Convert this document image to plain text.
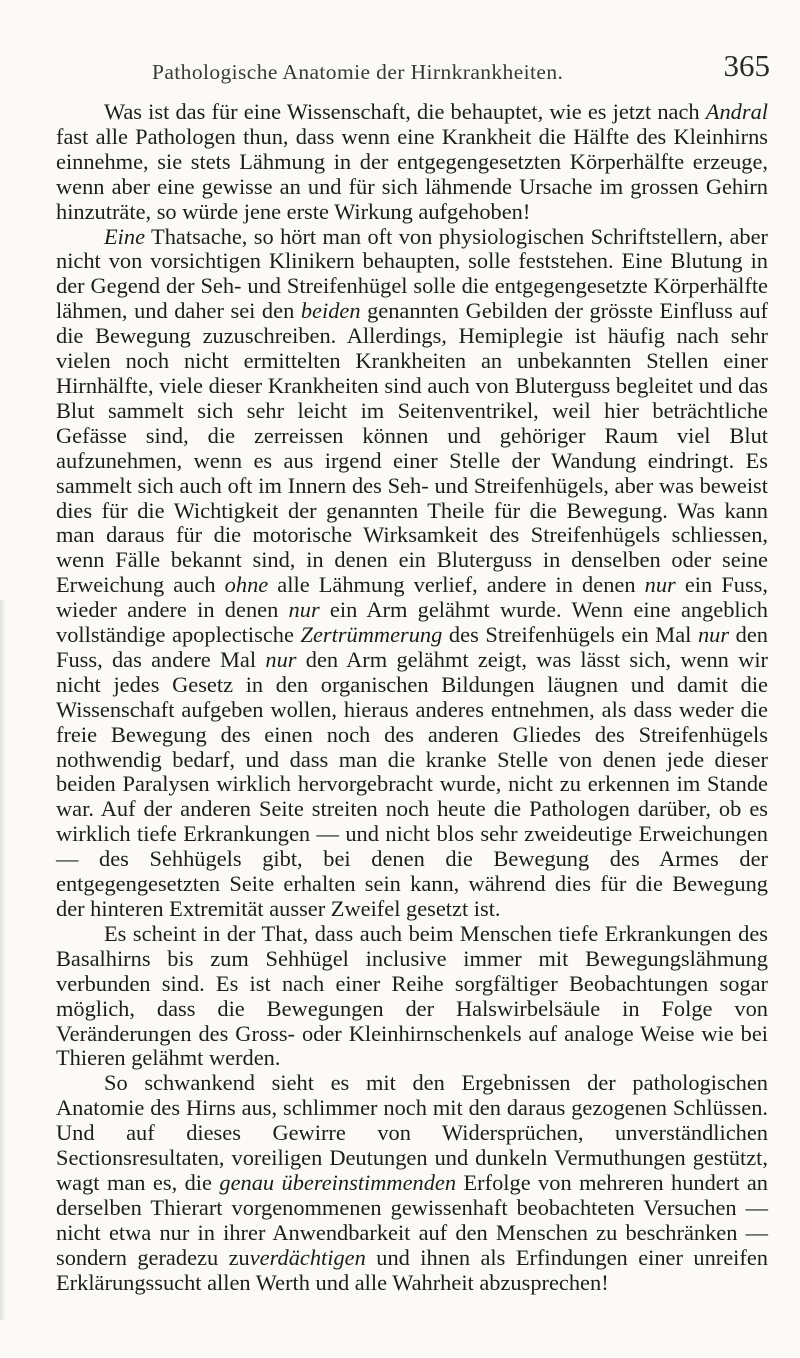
Pathologische Anatomie der Hirnkrankheiten.	365

Was ist das für eine Wissenschaft, die behauptet, wie es jetzt nach Andral fast alle Pathologen thun, dass wenn eine Krankheit die Hälfte des Kleinhirns einnehme, sie stets Lähmung in der entgegengesetzten Körperhälfte erzeuge, wenn aber eine gewisse an und für sich lähmende Ursache im grossen Gehirn hinzuträte, so würde jene erste Wirkung aufgehoben!

Eine Thatsache, so hört man oft von physiologischen Schriftstellern, aber nicht von vorsichtigen Klinikern behaupten, solle feststehen. Eine Blutung in der Gegend der Seh- und Streifenhügel solle die entgegengesetzte Körperhälfte lähmen, und daher sei den beiden genannten Gebilden der grösste Einfluss auf die Bewegung zuzuschreiben. Allerdings, Hemiplegie ist häufig nach sehr vielen noch nicht ermittelten Krankheiten an unbekannten Stellen einer Hirnhälfte, viele dieser Krankheiten sind auch von Bluterguss begleitet und das Blut sammelt sich sehr leicht im Seitenventrikel, weil hier beträchtliche Gefässe sind, die zerreissen können und gehöriger Raum viel Blut aufzunehmen, wenn es aus irgend einer Stelle der Wandung eindringt. Es sammelt sich auch oft im Innern des Seh- und Streifenhügels, aber was beweist dies für die Wichtigkeit der genannten Theile für die Bewegung. Was kann man daraus für die motorische Wirksamkeit des Streifenhügels schliessen, wenn Fälle bekannt sind, in denen ein Bluterguss in denselben oder seine Erweichung auch ohne alle Lähmung verlief, andere in denen nur ein Fuss, wieder andere in denen nur ein Arm gelähmt wurde. Wenn eine angeblich vollständige apoplectische Zertrümmerung des Streifenhügels ein Mal nur den Fuss, das andere Mal nur den Arm gelähmt zeigt, was lässt sich, wenn wir nicht jedes Gesetz in den organischen Bildungen läugnen und damit die Wissenschaft aufgeben wollen, hieraus anderes entnehmen, als dass weder die freie Bewegung des einen noch des anderen Gliedes des Streifenhügels nothwendig bedarf, und dass man die kranke Stelle von denen jede dieser beiden Paralysen wirklich hervorgebracht wurde, nicht zu erkennen im Stande war. Auf der anderen Seite streiten noch heute die Pathologen darüber, ob es wirklich tiefe Erkrankungen — und nicht blos sehr zweideutige Erweichungen — des Sehhügels gibt, bei denen die Bewegung des Armes der entgegengesetzten Seite erhalten sein kann, während dies für die Bewegung der hinteren Extremität ausser Zweifel gesetzt ist.

Es scheint in der That, dass auch beim Menschen tiefe Erkrankungen des Basalhirns bis zum Sehhügel inclusive immer mit Bewegungslähmung verbunden sind. Es ist nach einer Reihe sorgfältiger Beobachtungen sogar möglich, dass die Bewegungen der Halswirbelsäule in Folge von Veränderungen des Gross- oder Kleinhirnschenkels auf analoge Weise wie bei Thieren gelähmt werden.

So schwankend sieht es mit den Ergebnissen der pathologischen Anatomie des Hirns aus, schlimmer noch mit den daraus gezogenen Schlüssen. Und auf dieses Gewirre von Widersprüchen, unverständlichen Sectionsresultaten, voreiligen Deutungen und dunkeln Vermuthungen gestützt, wagt man es, die genau übereinstimmenden Erfolge von mehreren hundert an derselben Thierart vorgenommenen gewissenhaft beobachteten Versuchen — nicht etwa nur in ihrer Anwendbarkeit auf den Menschen zu beschränken — sondern geradezu zuverdächtigen und ihnen als Erfindungen einer unreifen Erklärungssucht allen Werth und alle Wahrheit abzusprechen!
